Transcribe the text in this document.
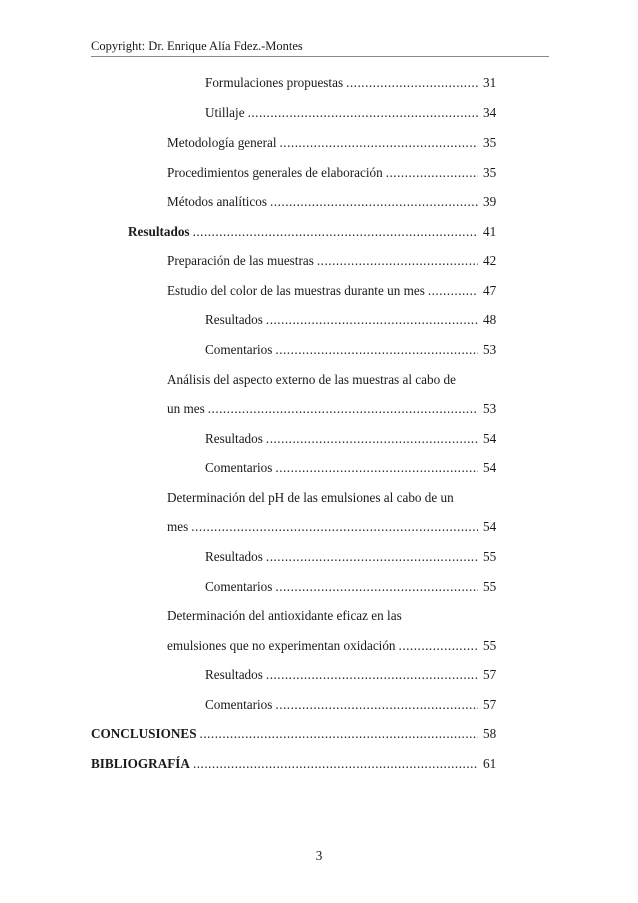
Copyright: Dr. Enrique Alía Fdez.-Montes
Formulaciones propuestas .....	31
Utillaje .....	34
Metodología general .....	35
Procedimientos generales de elaboración .....	35
Métodos analíticos .....	39
Resultados .....	41
Preparación de las muestras .....	42
Estudio del color de las muestras durante un mes .....	47
Resultados .....	48
Comentarios .....	53
Análisis del aspecto externo de las muestras al cabo de
un mes .....	53
Resultados .....	54
Comentarios .....	54
Determinación del pH de las emulsiones al cabo de un
mes .....	54
Resultados .....	55
Comentarios .....	55
Determinación del antioxidante eficaz en las
emulsiones que no experimentan oxidación .....	55
Resultados .....	57
Comentarios .....	57
CONCLUSIONES .....	58
BIBLIOGRAFÍA .....	61
3
